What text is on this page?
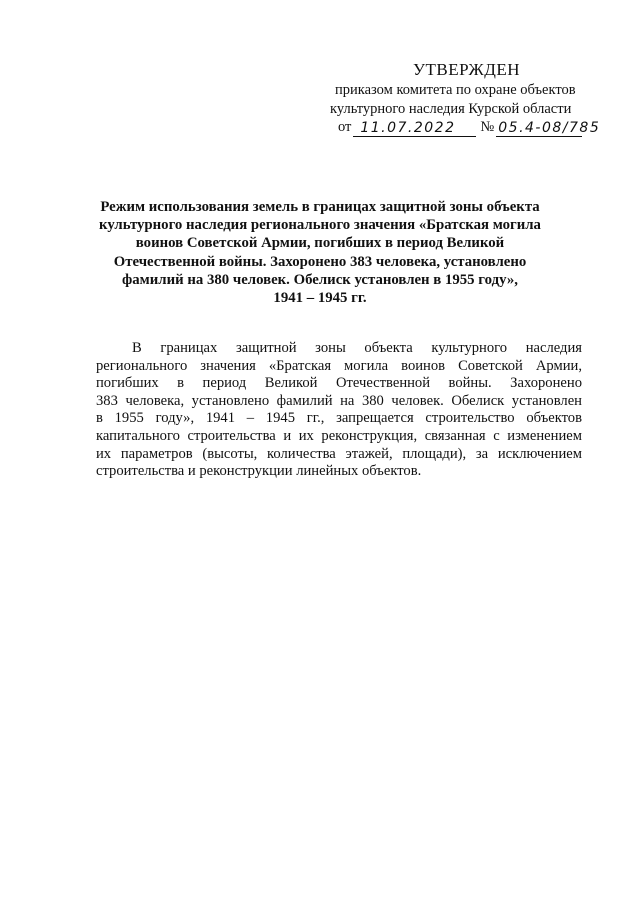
УТВЕРЖДЕН
приказом комитета по охране объектов
культурного наследия Курской области
от 11.07.2022	№ 05.4-08/785
Режим использования земель в границах защитной зоны объекта
культурного наследия регионального значения «Братская могила
воинов Советской Армии, погибших в период Великой
Отечественной войны. Захоронено 383 человека, установлено
фамилий на 380 человек. Обелиск установлен в 1955 году»,
1941 – 1945 гг.
В границах защитной зоны объекта культурного наследия
регионального значения «Братская могила воинов Советской Армии,
погибших в период Великой Отечественной войны. Захоронено
383 человека, установлено фамилий на 380 человек. Обелиск установлен
в 1955 году», 1941 – 1945 гг., запрещается строительство объектов
капитального строительства и их реконструкция, связанная с изменением
их параметров (высоты, количества этажей, площади), за исключением
строительства и реконструкции линейных объектов.
